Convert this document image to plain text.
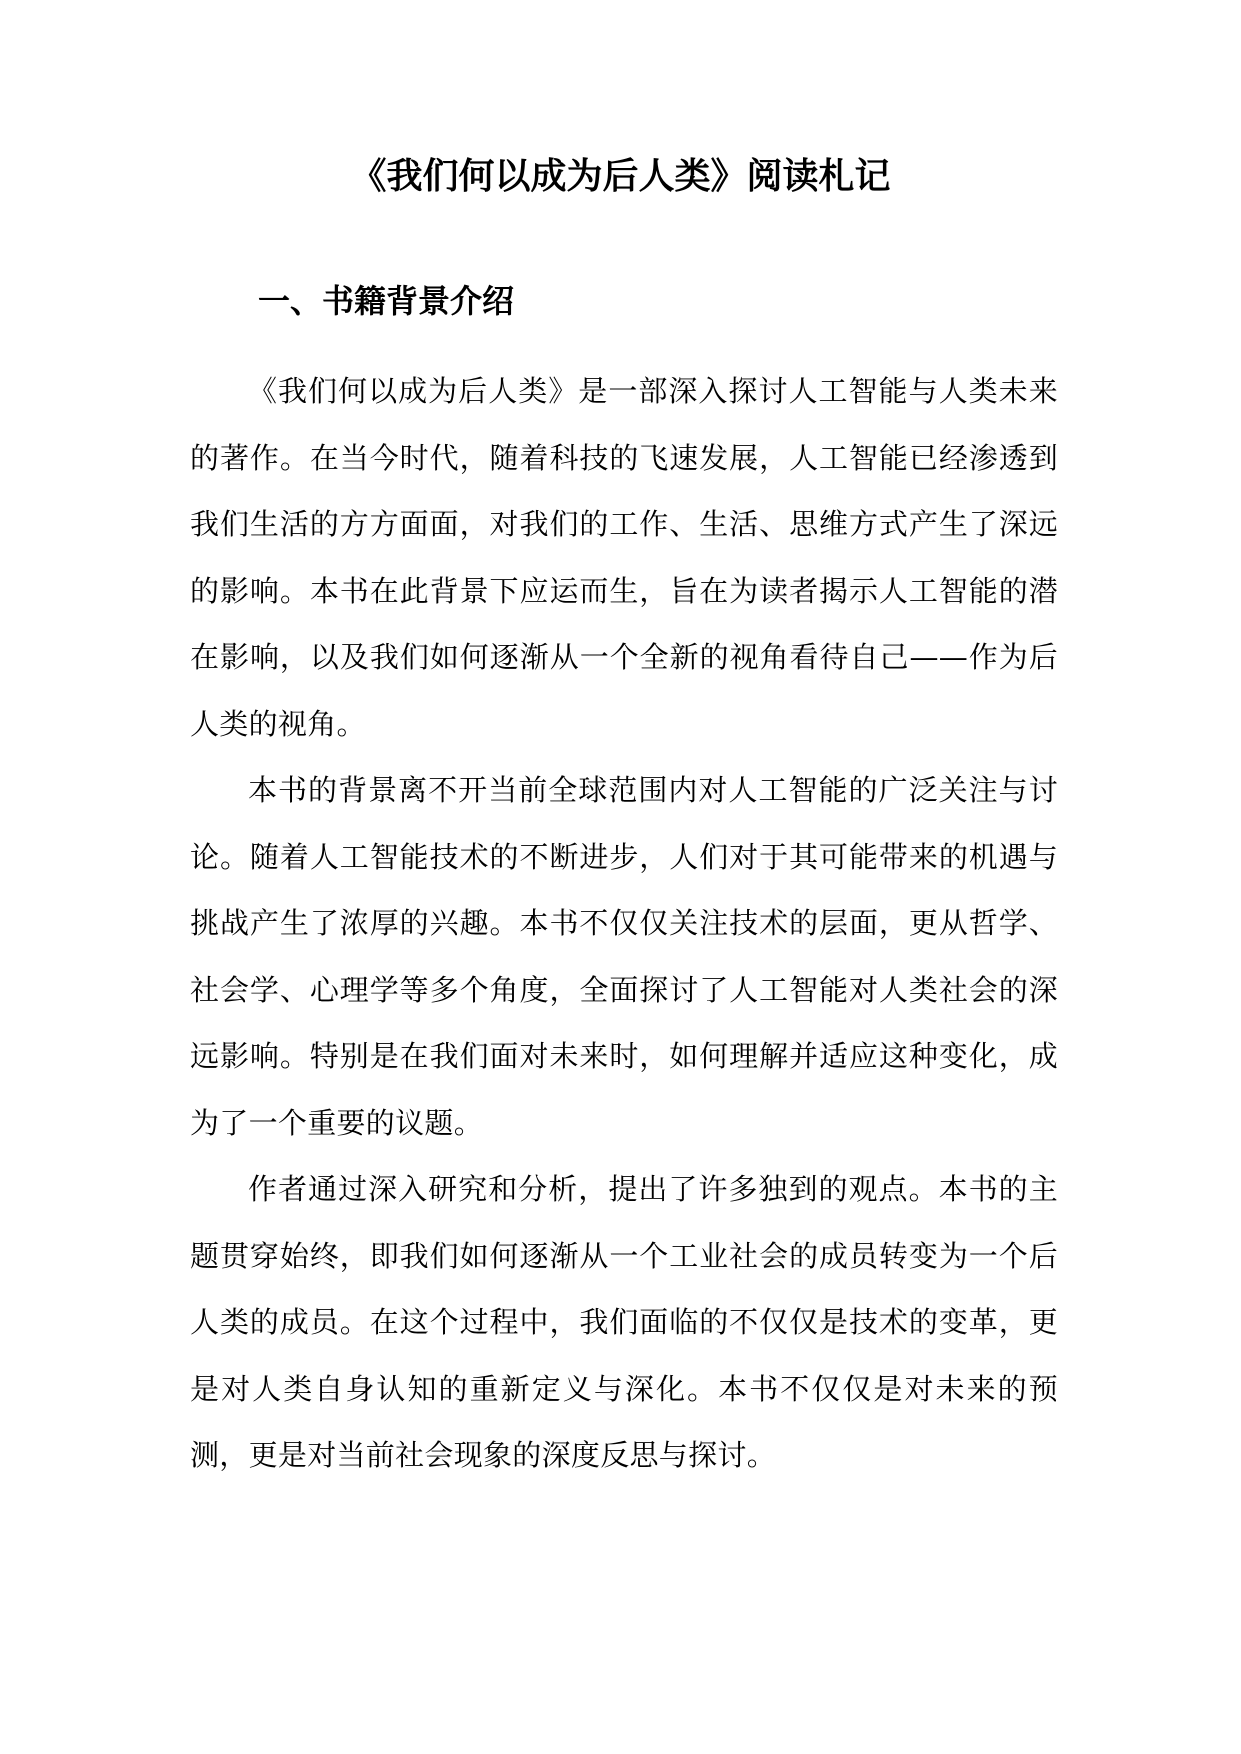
《我们何以成为后人类》阅读札记
一、书籍背景介绍

《我们何以成为后人类》是一部深入探讨人工智能与人类未来的著作。在当今时代，随着科技的飞速发展，人工智能已经渗透到我们生活的方方面面，对我们的工作、生活、思维方式产生了深远的影响。本书在此背景下应运而生，旨在为读者揭示人工智能的潜在影响，以及我们如何逐渐从一个全新的视角看待自己——作为后人类的视角。

本书的背景离不开当前全球范围内对人工智能的广泛关注与讨论。随着人工智能技术的不断进步，人们对于其可能带来的机遇与挑战产生了浓厚的兴趣。本书不仅仅关注技术的层面，更从哲学、社会学、心理学等多个角度，全面探讨了人工智能对人类社会的深远影响。特别是在我们面对未来时，如何理解并适应这种变化，成为了一个重要的议题。

作者通过深入研究和分析，提出了许多独到的观点。本书的主题贯穿始终，即我们如何逐渐从一个工业社会的成员转变为一个后人类的成员。在这个过程中，我们面临的不仅仅是技术的变革，更是对人类自身认知的重新定义与深化。本书不仅仅是对未来的预测，更是对当前社会现象的深度反思与探讨。
